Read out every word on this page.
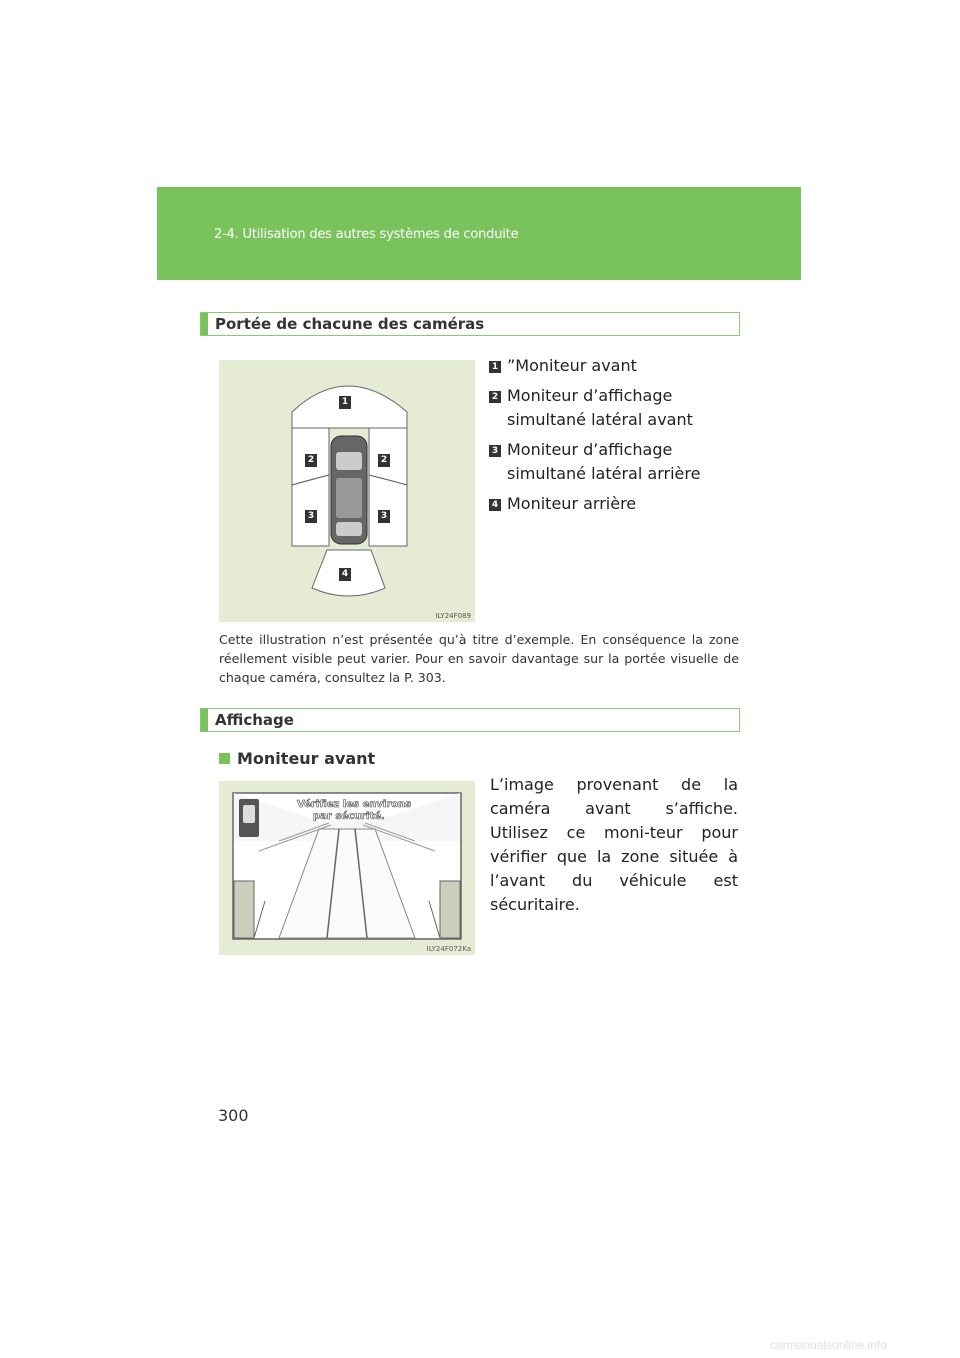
2-4. Utilisation des autres systèmes de conduite
Portée de chacune des caméras
1
2	2
3	3
4
ILY24F089
1 ”Moniteur avant
2 Moniteur d’affichage simultané latéral avant
3 Moniteur d’affichage simultané latéral arrière
4 Moniteur arrière
Cette illustration n’est présentée qu’à titre d’exemple. En conséquence la zone réellement visible peut varier. Pour en savoir davantage sur la portée visuelle de chaque caméra, consultez la P. 303.
Affichage
Moniteur avant
Vérifiez les environs
par sécurité.
ILY24F072Ka
L’image provenant de la caméra avant s’affiche. Utilisez ce moni-teur pour vérifier que la zone située à l’avant du véhicule est sécuritaire.
300
carmanualsonline.info
